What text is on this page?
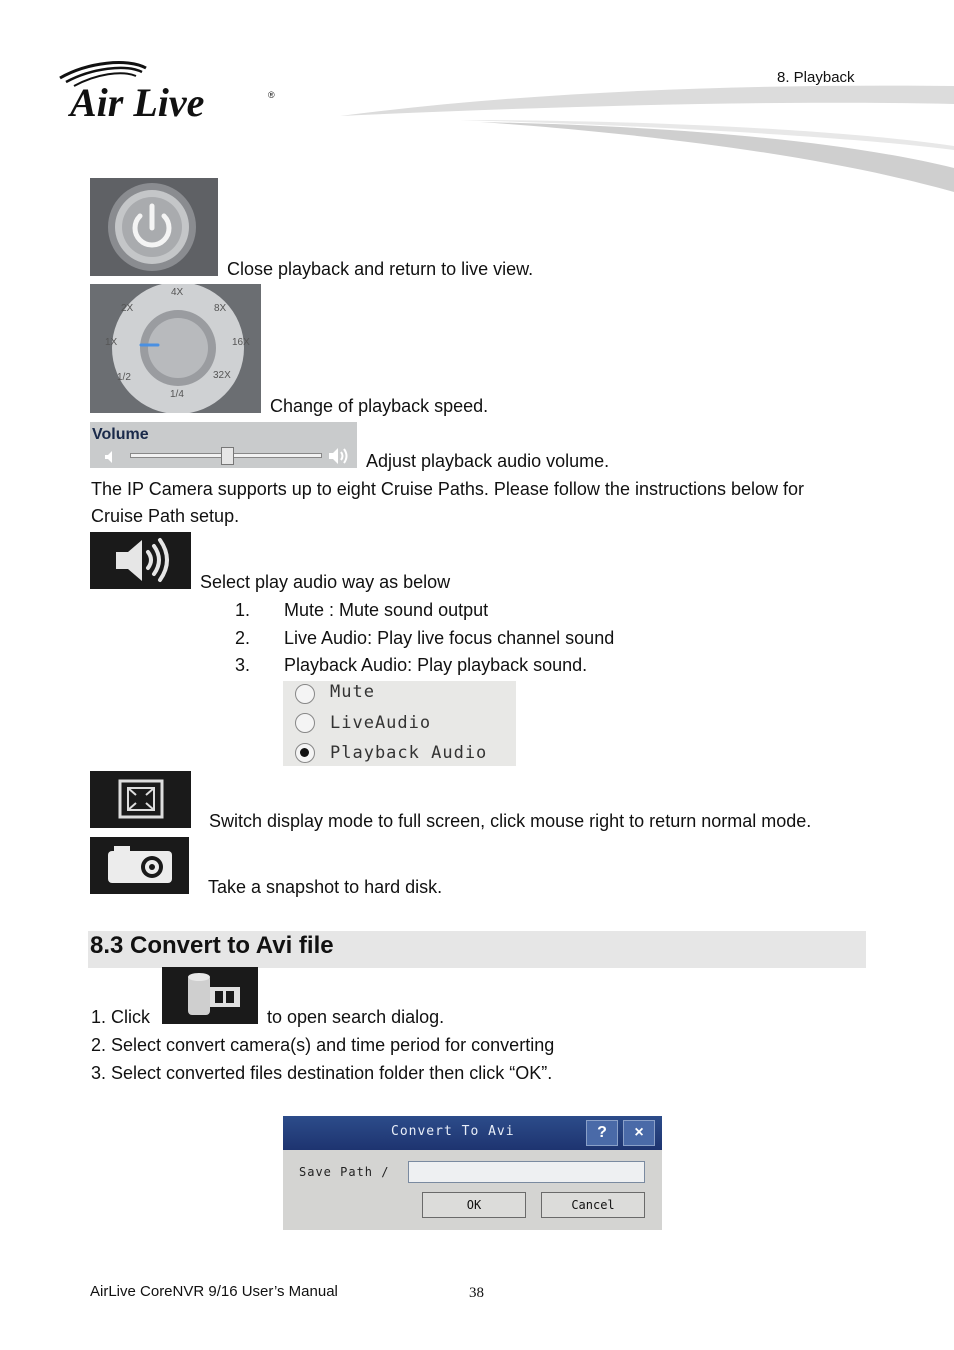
Air Live	®
8. Playback
Close playback and return to live view.
4X
8X
16X
32X
1/4
1/2
1X
2X
Change of playback speed.
Volume
Adjust playback audio volume.
The IP Camera supports up to eight Cruise Paths. Please follow the instructions below for
Cruise Path setup.
Select play audio way as below
1. Mute : Mute sound output
2. Live Audio: Play live focus channel sound
3. Playback Audio: Play playback sound.
Mute
LiveAudio
Playback Audio
Switch display mode to full screen, click mouse right to return normal mode.
Take a snapshot to hard disk.
8.3 Convert to Avi file
1. Click	to open search dialog.
2. Select convert camera(s) and time period for converting
3. Select converted files destination folder then click “OK”.
Convert To Avi	?	×
Save Path /
OK	Cancel
AirLive CoreNVR 9/16 User’s Manual	38
